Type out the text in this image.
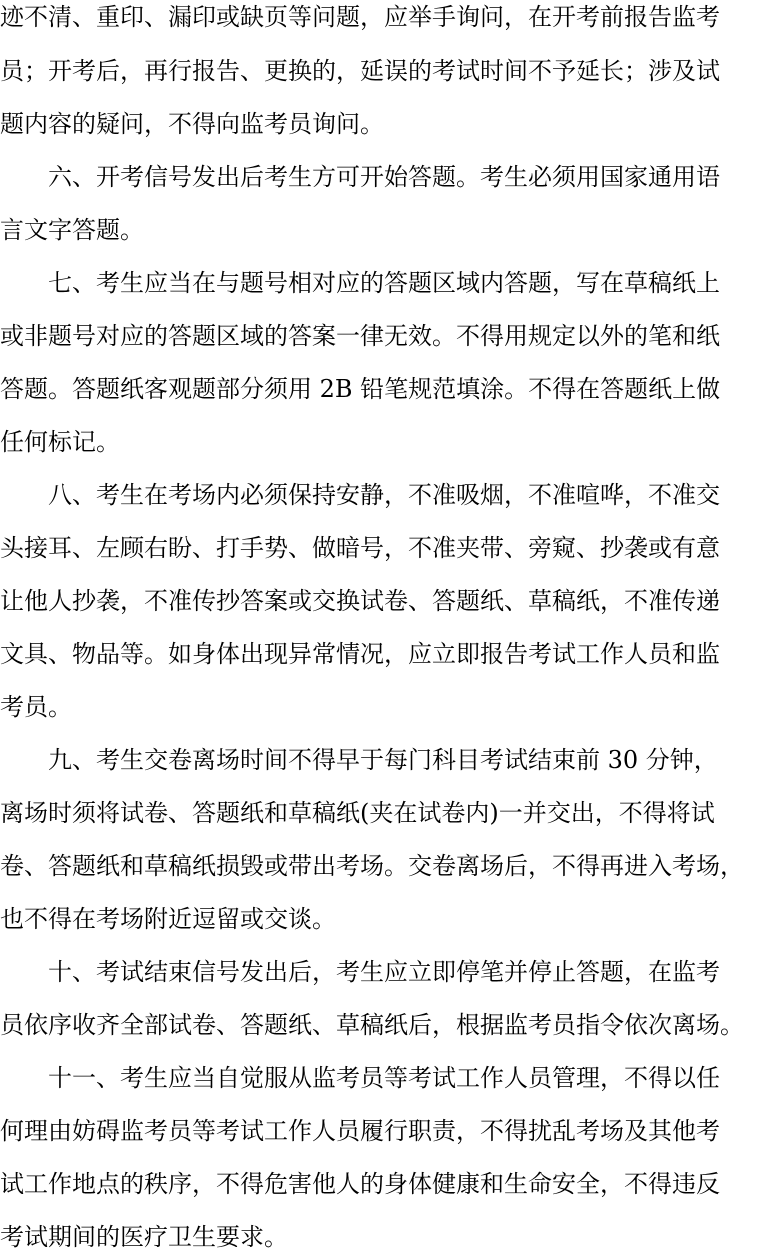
迹不清、重印、漏印或缺页等问题，应举手询问，在开考前报告监考
员；开考后，再行报告、更换的，延误的考试时间不予延长；涉及试
题内容的疑问，不得向监考员询问。
六、开考信号发出后考生方可开始答题。考生必须用国家通用语
言文字答题。
七、考生应当在与题号相对应的答题区域内答题，写在草稿纸上
或非题号对应的答题区域的答案一律无效。不得用规定以外的笔和纸
答题。答题纸客观题部分须用 2B 铅笔规范填涂。不得在答题纸上做
任何标记。
八、考生在考场内必须保持安静，不准吸烟，不准喧哗，不准交
头接耳、左顾右盼、打手势、做暗号，不准夹带、旁窥、抄袭或有意
让他人抄袭，不准传抄答案或交换试卷、答题纸、草稿纸，不准传递
文具、物品等。如身体出现异常情况，应立即报告考试工作人员和监
考员。
九、考生交卷离场时间不得早于每门科目考试结束前 30 分钟，
离场时须将试卷、答题纸和草稿纸(夹在试卷内)一并交出，不得将试
卷、答题纸和草稿纸损毁或带出考场。交卷离场后，不得再进入考场，
也不得在考场附近逗留或交谈。
十、考试结束信号发出后，考生应立即停笔并停止答题，在监考
员依序收齐全部试卷、答题纸、草稿纸后，根据监考员指令依次离场。
十一、考生应当自觉服从监考员等考试工作人员管理，不得以任
何理由妨碍监考员等考试工作人员履行职责，不得扰乱考场及其他考
试工作地点的秩序，不得危害他人的身体健康和生命安全，不得违反
考试期间的医疗卫生要求。
